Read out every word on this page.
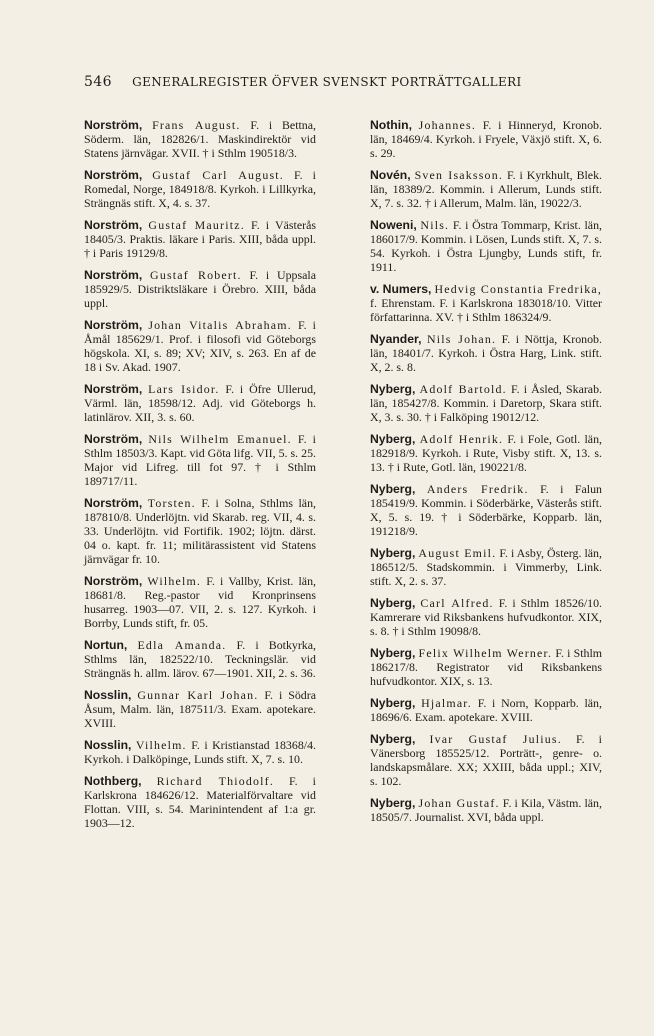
546 GENERALREGISTER ÖFVER SVENSKT PORTRÄTTGALLERI

Norström, Frans August. F. i Bettna, Söderm. län, 182826/1. Maskindirektör vid Statens järnvägar. XVII. † i Sthlm 190518/3.

Norström, Gustaf Carl August. F. i Romedal, Norge, 184918/8. Kyrkoh. i Lillkyrka, Strängnäs stift. X, 4. s. 37.

Norström, Gustaf Mauritz. F. i Västerås 18405/3. Praktis. läkare i Paris. XIII, båda uppl. † i Paris 19129/8.

Norström, Gustaf Robert. F. i Uppsala 185929/5. Distriktsläkare i Örebro. XIII, båda uppl.

Norström, Johan Vitalis Abraham. F. i Åmål 185629/1. Prof. i filosofi vid Göteborgs högskola. XI, s. 89; XV; XIV, s. 263. En af de 18 i Sv. Akad. 1907.

Norström, Lars Isidor. F. i Öfre Ullerud, Värml. län, 18598/12. Adj. vid Göteborgs h. latinlärov. XII, 3. s. 60.

Norström, Nils Wilhelm Emanuel. F. i Sthlm 18503/3. Kapt. vid Göta lifg. VII, 5. s. 25. Major vid Lifreg. till fot 97. † i Sthlm 189717/11.

Norström, Torsten. F. i Solna, Sthlms län, 187810/8. Underlöjtn. vid Skarab. reg. VII, 4. s. 33. Underlöjtn. vid Fortifik. 1902; löjtn. därst. 04 o. kapt. fr. 11; militärassistent vid Statens järnvägar fr. 10.

Norström, Wilhelm. F. i Vallby, Krist. län, 18681/8. Reg.-pastor vid Kronprinsens husarreg. 1903—07. VII, 2. s. 127. Kyrkoh. i Borrby, Lunds stift, fr. 05.

Nortun, Edla Amanda. F. i Botkyrka, Sthlms län, 182522/10. Teckningslär. vid Strängnäs h. allm. lärov. 67—1901. XII, 2. s. 36.

Nosslin, Gunnar Karl Johan. F. i Södra Åsum, Malm. län, 187511/3. Exam. apotekare. XVIII.

Nosslin, Vilhelm. F. i Kristianstad 18368/4. Kyrkoh. i Dalköpinge, Lunds stift. X, 7. s. 10.

Nothberg, Richard Thiodolf. F. i Karlskrona 184626/12. Materialförvaltare vid Flottan. VIII, s. 54. Marinintendent af 1:a gr. 1903—12.

Nothin, Johannes. F. i Hinneryd, Kronob. län, 18469/4. Kyrkoh. i Fryele, Växjö stift. X, 6. s. 29.

Novén, Sven Isaksson. F. i Kyrkhult, Blek. län, 18389/2. Kommin. i Allerum, Lunds stift. X, 7. s. 32. † i Allerum, Malm. län, 19022/3.

Noweni, Nils. F. i Östra Tommarp, Krist. län, 186017/9. Kommin. i Lösen, Lunds stift. X, 7. s. 54. Kyrkoh. i Östra Ljungby, Lunds stift, fr. 1911.

v. Numers, Hedvig Constantia Fredrika, f. Ehrenstam. F. i Karlskrona 183018/10. Vitter författarinna. XV. † i Sthlm 186324/9.

Nyander, Nils Johan. F. i Nöttja, Kronob. län, 18401/7. Kyrkoh. i Östra Harg, Link. stift. X, 2. s. 8.

Nyberg, Adolf Bartold. F. i Åsled, Skarab. län, 185427/8. Kommin. i Daretorp, Skara stift. X, 3. s. 30. † i Falköping 19012/12.

Nyberg, Adolf Henrik. F. i Fole, Gotl. län, 182918/9. Kyrkoh. i Rute, Visby stift. X, 13. s. 13. † i Rute, Gotl. län, 190221/8.

Nyberg, Anders Fredrik. F. i Falun 185419/9. Kommin. i Söderbärke, Västerås stift. X, 5. s. 19. † i Söderbärke, Kopparb. län, 191218/9.

Nyberg, August Emil. F. i Asby, Österg. län, 186512/5. Stadskommin. i Vimmerby, Link. stift. X, 2. s. 37.

Nyberg, Carl Alfred. F. i Sthlm 18526/10. Kamrerare vid Riksbankens hufvudkontor. XIX, s. 8. † i Sthlm 19098/8.

Nyberg, Felix Wilhelm Werner. F. i Sthlm 186217/8. Registrator vid Riksbankens hufvudkontor. XIX, s. 13.

Nyberg, Hjalmar. F. i Norn, Kopparb. län, 18696/6. Exam. apotekare. XVIII.

Nyberg, Ivar Gustaf Julius. F. i Vänersborg 185525/12. Porträtt-, genre- o. landskapsmålare. XX; XXIII, båda uppl.; XIV, s. 102.

Nyberg, Johan Gustaf. F. i Kila, Västm. län, 18505/7. Journalist. XVI, båda uppl.
